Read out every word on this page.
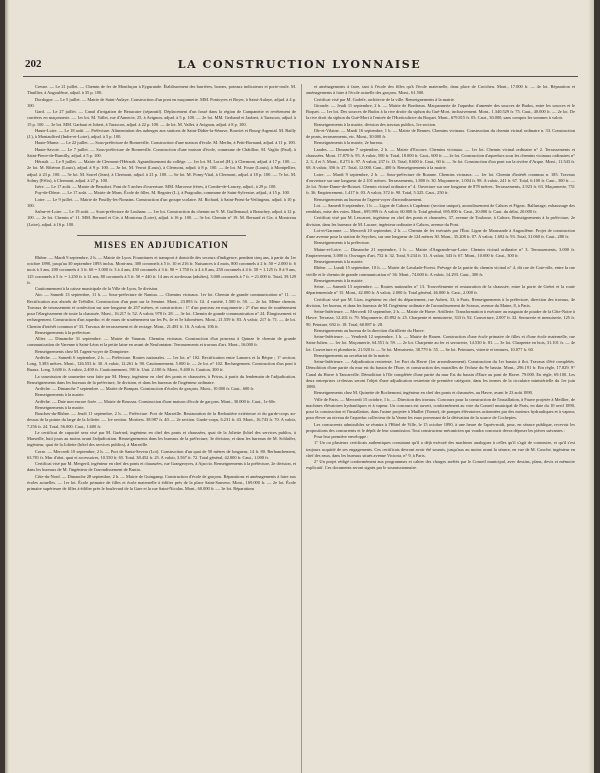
202	LA CONSTRUCTION LYONNAISE

Creuse. — Le 21 juillet. — Chemin de fer de Montluçon à Eygurande. Établissement des barrières, bornes, poteaux indicateurs et porte-roule. M. Thuillier, à Angoulême, adjud. à 35 p. 100.

Dordogne. — Le 5 juillet. — Mairie de Saint-Aulaye. Construction d'un pont en maçonnerie. MM. Pontoyres et Boyer, à Saint-Aulaye, adjud. à 4 p. 100.

Gard. — Le 27 juillet. — Canal d'irrigation de Beaucaire (séparatif). Déplacement d'un fossé dans la région de Campanette et revêtement de carrières en maçonnerie. — 1er lot. M. Vallet, rue d'Annecie, 25, à Avignon, adjud. à 5 p. 100. — 2e lot. MM. Gerband et Jaubert, à Tarascon, adjud. à 15 p. 100. — 3e lot. MM. Garbaut et Jubert, à Tarascon, adjud. à 22 p. 100. — 4e lot. M. Vallet, à Avignon, adjud. à 8 p. 100.

Haute-Loire. — Le 18 août. — Préfecture. Alimentation des auberges aux stations de Saint-Didier-la-Séauve, Bouviet et Bourg-Argental. M. Bailly (J.), à Montaulfred (Indre-et-Loire), adjud. à 5 p. 100.

Haute-Marne. — Le 22 juillet. — Sous-préfecture de Bonneville. Construction d'une maison d'école. M. Merlin, à Petit-Bornand, adjud. à 11 p. 100.

Haute-Savoie. — Le 7 juillet. — Sous-préfecture de Bonneville. Construction d'une maison d'école, commune de Châtillon. M. Vaglio (Paul), à Saint-Pierre-de-Rumilly, adjud. à 5 p. 100.

Hérault. — Le 9 juillet. — Mairie de Clermont-l'Hérault. Agrandissement du collège. — 1er lot. M. Lorrel (H.), à Clermont, adjud. à 17 p. 100. — 2e lot. M. Ribéron (Louis), adjud. à 9 p. 100. — 3e lot. M. Verrot (Louis), à Clermont, adjud. à 8 p. 100. — 4e lot. M. Foure (Louis), à Montpellier, adjud. à 23 p. 100. — 5e lot. M. Sorrel (Jean), à Clermont, adjud. à 21 p. 100. — 6e lot. M. Pomy-Vital, à Clermont, adjud. à 18 p. 100. — 7e lot. M. Solmy (Félix), à Clermont, adjud. à 27 p. 100.

Isère. — Le 17 août. — Mairie de Beaufort. Pont de 5 arches d'ouverture. MM. Marcesse frères, à Combe-de-Lancey, adjud., à 29 p. 100.

Puy-de-Dôme. — Le 17 août. — Mairie de Mons. École de filles. M. Regnier (L.), à Pragoulin, commune de Saint-Sylvestre, adjud., à 15 p. 100.

Loire. — Le 9 juillet. — Mairie de Pouilly-les-Nonains. Construction d'un groupe scolaire. M. Richard, à Saint-Priest-la-Vetlingeau, adjud. à 10 p. 100.

Saône-et-Loire. — Le 19 août. — Sous-préfecture de Louhans. — 1er lot. Construction du chemin no 9. M. Guillemaud, à Branchey, adjud. à 12 p. 100. — 2e lot. Chemin n° 11. MM. Bernard et Cie, à Montceau (Loire), adjud. à 16 p. 100. — 3e lot. Chemin n° 19. M. Bernard et Cie, à Montceau (Loire), adjud. à 16 p. 100.

MISES EN ADJUDICATION

Rhône. — Mardi 9 septembre, 2 h. — Mairie de Lyon. Fournitures et transport à domicile des secours d'indigence, pendant cinq ans, à partir du 1er octobre 1890, jusqu'au 30 septembre 1893 inclus. Mont-ans, 300 coronnels à 5 fr. 10 et 216 fr. Nuisances à 4 mois, 800 coronnels à 2 fr. 50 = 2.000 fr. 6 mois à 3 ans, 200 coronnels à 3 fr. 60 = 3.000 fr. 3 à 4 ans, 450 coronnels à 3 fr. 90 = 1.750 fr. à 4 à 8 ans, 250 coronnels à 4 fr. 50 = 1.125 fr. 8 à 9 ans, 125 coronnels à 5 fr. = 1.250 fr. à 12 ans, 80 coronnels à 5 fr. 50 = 440 fr. 14 ans et au-dessus (adultes), 3.000 coronnels à 7 fr. = 21.000 fr. Total, 39.129 fr.

Cautionnement à la caisse municipale de la Ville de Lyon, 5e division.

Ain. — Samedi 13 septembre, 11 h. — Sous-préfecture de Nantua. — Chemins vicinaux. 1er lot. Chemin de grande communication n° 11. — Rectification aux abords de Trébillet. Construction d'un pont sur la Semine. Mont., 23.893 fr. Gl. 4 variété, 1.500 fr. 50. — 2e lot. Même chemin. Travaux de terrassement et confection sur une longueur de 257 mètres, et construction : 1° d'un ponceau en maçonnerie ; 2° d'un mur de soutènement pour l'élargissement de toute la chaussée. Mont., 16.217 fr. 52. A valoir, 978 fr. 28. — 3e lot. Chemin de grande communication n° 24. Élargissement et rechargement. Construction d'un aqueduc et de murs de soutènement sur les Ps, 4e et 5e kilomètres. Mont., 21.559 fr. 83. A valoir, 217 fr. 71. — 4e lot. Chemin d'intérêt commun n° 33. Travaux de terrassement et de rectage. Mont., 21.481 fr. 16. A valoir, 106 fr.

Renseignements à la préfecture.

Allier. — Dimanche 31 septembre. — Mairie de Vaumas. Chemins vicinaux. Construction d'un ponceau à Quinze le chemin de grande communication de Varenne à Saint-Léon et la petite laine en avant de Neufontaine. Terrassements et travaux d'art. Mont., 16.000 fr.

Renseignements chez M. l'agent-voyer de Dompierre.

Ardèche. — Samedi 6 septembre, 2 h. — Préfecture. Routes nationales. — 1er lot. n° 102. Rectification entre Lanuers et la Béqne ; 1° section. Long. 5.383 mètres. Mont., 126.553 fr. 30. A valoir, 12.261 fr. 90. Cautionnement, 5.000 fr. — 2e lot. n° 102. Rechargement. Construction d'un pont à Ruaux. Long. 5,600 fr. A valoir, 2.400 fr. Cautionnement, 190 fr. Unit. 2.100 fr. Mont., 9.400 fr. Caution, 300 fr.

La soumission de soumettre sera faite par M. Henry, ingénieur en chef des ponts et chaussées, à Privas, à partir du lendemain de l'adjudication. Renseignements dans les bureaux de la préfecture, 3e division, et dans les bureaux de l'ingénieur ordinaire.

Ardèche. — Dimanche 7 septembre. — Mairie de Bompas. Construction d'écoles de garçons. Mont., 10.000 fr. Caut., 600 fr.

Renseignements à la mairie.

Ardèche. — Date non encore fixée. — Mairie de Roussas. Construction d'une maison d'école de garçons. Mont., 30.000 fr. Caut., 1e 60e.

Renseignements à la mairie.

Bouches-du-Rhône. — Jeudi 11 septembre, 2 h. — Préfecture. Port de Marseille. Restauration de la Redoutière extérieure et du garde-corps au-dessus de la pointe du large de la Joliette. — 1re section. Mortiers. 38.987 fr. 40. — 2e section. Garde-corps, 6.231 fr. 43. Mont., 16.743 fr. 70. A valoir, 7.256 fr. 24. Total, 56.000. Caut., 1.600 fr.

Le certificat de capacité sera visé par M. Guérard, ingénieur en chef des ponts et chaussées, quai de la Joliette (hôtel des services publics, à Marseille, huit jours au moins avant l'adjudication. Renseignements dans les bureaux de la préfecture, 3e division, et dans les bureaux de M. Schlaffer, ingénieur, quai de la Joliette (hôtel des services publics), à Marseille.

Corse. — Mercredi 10 septembre, 2 h. — Port de Santa-Severa (Lot). Construction d'un quai de 50 mètres de longueur, 14 fr. 80. Rerhanchement, 63.781 fr. Mur d'abri, quai et accessoires, 10.550 fr. 65. Total, 38.452 fr. 25. A valoir, 3.567 fr. 72. Total général, 42.000 fr. Caut., 1.000 fr.

Certificat visé par M. Mergeril, ingénieur en chef des ponts et chaussées, rue Grangeoyres, à Ajaccio. Renseignements à la préfecture, 2e division, et dans les bureaux de M. l'ingénieur de l'arrondissement de Bastia.

Côte-du-Nord. — Dimanche 28 septembre, 2 h. — Mairie de Guingamp. Construction d'école de garçons. Réparations et aménagements à faire aux écoles actuelles. — 1er lot. École primaire de filles et école maternelle à édifier près de la place Saint-Sauveur. Mont., 169.000 fr. — 2e lot. École primaire supérieure de filles à édifier près le boulevard de la Gare et la rue Saint-Nicolas. Mont., 60.000 fr. — 3e lot. Réparations

et aménagements à faire, tant à l'école des filles qu'à l'école maternelle, dans place de Croicheu. Mont., 17.000 fr. — 4e lot. Réparation et aménagements à faire à l'école actuelle des garçons. Mont., 61.500.

Certificat visé par M. Godefe, architecte de la ville. Renseignements à la mairie.

Gironde. — Jeudi 11 septembre, 2 h. — Mairie de Bordeaux. Macpannerie de l'aqueduc d'amenée des sources de Budos, entre les sources et le Boquet. — 1er lot. Des sources de Budos à la rive droite du siphon du Gué-Mort, inclusivement. Mont., 1.340.529 fr. 75. Caut., 40.000 fr. — 2e lot. De la rive droit du siphon du Gué-Mort à l'entrée de l'Horticultrice du Boquet. Mont., 679.815 fr. 03. Caut., 30.000, sans compris les sommes à valoir.

Renseignements à la mairie, division des travaux publics, 1re section.

Ille-et-Vilaine. — Mardi 16 septembre, 1 h. — Mairie de Rennes. Chemins vicinaux. Construction du chemin vicinal ordinaire n. 33. Construction de ponts, terrassements, etc. Mont., 30.000 fr.

Renseignements à la mairie, 2e bureau.

Landes. — Dimanche 7 septembre, 2 h. — Mairie d'Escorre. Chemins vicinaux. — 1er lot. Chemin vicinal ordinaire n° 2. Terrassements et chaussées. Mont. 17.870 fr. 95. A valoir, 500 fr. Total, 18.000 fr. Caut., 600 fr. — 2e lot. Construction d'aqueducs sous les chemins vicinaux ordinaires n° 2, 3, 4 et 5. Mont., 8.273 fr. 97. A valoir, 237 fr. 13. Total, 8.600 fr. Caut., 60 fr. — 3e lot. Construction d'un pont sur la rivière d'Arque. Mont., 11.543 fr. 68. A valoir, 356 fr. 27. Total, 12.000. Caut., 400 fr. Renseignements à la mairie.

Loire. — Mardi 9 septembre, 2 h. — Sous-préfecture de Roanne. Chemins vicinaux. — 1er lot. Chemin d'intérêt commun n. 185. Travaux d'ouverture sur une longueur de 2.101 mètres. Terrassements, 1.800 fr. 30. Maçonnerie, 1.004 fr. 98. A valoir, 241 fr. 67. Total, 6.100 fr. Caut., 300 fr. — 2e lot. Notre-Dame-de-Boisset. Chemin vicinal ordinaire n° 4. Ouverture sur une longueur de 878 mètres. Terrassements, 2.923 fr. 63. Maçonnerie, 751 fr. 36. Empierrement, 1.417 fr. 03. A valoir, 372 fr. 90. Total, 5.325. Caut., 250 fr.

Renseignements au bureau de l'agent-voyer d'arrondissement.

Lot. — Samedi 6 septembre, 1 h. — Ligne de Cahors à Capdenac (section unique), arrondissement de Cahors et Figeac. Ballastage, exhaussage des remblais, mise des voies. Mont., 695.999 fr. A valoir, 60.000 fr. Total général, 695.000 fr. Caut., 20.000 fr. Caut. du délai, 20.000 fr.

Certificat visé par M. Lescarret, ingénieur en chef des ponts et chaussées, 37, avenue de Toulouse, à Cahors. Renseignements à la préfecture, 2e division, dans les bureaux de M. Lacaze, ingénieur ordinaire à Cahors, avenue du Pont.

Lot-et-Garonne. — Mercredi 10 septembre, 2 h. — Chemin de fer exécutés par l'État. Ligne de Marmande à Angoulême. Projet de construction d'une avenue pour la station de Seyches, sur une longueur de 124 mètres 30. Mont., 35.208 fr. 07. A valoir, 1.692 fr. 93. Total, 31.060 fr. Caut., 280 fr.

Renseignements à la préfecture.

Maine-et-Loire. — Dimanche 21 septembre, 1 h. — Mairie d'Angrande-sur-Loire. Chemin vicinal ordinaire n° 3. Terrassements, 3.000 fr. Empierrement, 3.000 fr. Ouvrages d'art, 752 fr. 32. Total, 9.234 fr. 31. A valoir, 343 fr. 67. Mont., 10.000 fr. Caut., 300 fr.

Renseignements à la mairie.

Rhône. — Lundi 15 septembre, 10 h. — Mairie de Lavalade-Forest. Prévage de la partie du chemin vicinal n° 4, dit rue de Cote-rôle, entre la rue vieille et le chemin de grande communication n° 36. Mont., 74.600 fr. A valoir, 14.293. Caut., 300 fr.

Renseignements à la mairie.

Seine. — Samedi 13 septembre. — Routes nationales n° 13. Trouvelemente et restauration de la chaussée, entre la porte de Grétei et la route départementale n° 15. Mont., 42.000 fr. A valoir, 2.000 fr. Total général, 46.000 fr. Caut., 2.000 fr.

Certificat visé par M. Lion, ingénieur en chef du département, rue Aubert, 33, à Paris. Renseignements à la préfecture, direction des travaux, 4e division, 1er bureau, et dans les bureaux de M. l'ingénieur ordinaire de l'arrondissement de Sceaux, avenue du Maine, 8, à Paris.

Seine-Inférieure. — Mercredi 10 septembre, 2 h. — Mairie de Havre. Artillerie. Transformation à exécuter au magasin de poudre de la Côte-Noire à Havre. Terrasse, 12.201 fr. 79. Maçonnerie, 45.892 fr. 25. Charpente et menuiserie, 333 fr. 92. Couverture, 2.007 fr. 32. Serrurerie et menuiserie, 125 fr. 90. Peinture, 692 fr. 18. Total, 60.887 fr. 28.

Renseignements au bureau de la direction d'artillerie du Havre.

Seine-Inférieure. — Vendredi 12 septembre, 1 h. — Mairie de Rouen. Construction d'une école primaire de filles et d'une école maternelle, rue Saint-Julien. — 1er lot. Maçonnerie, 64.551 fr. 59. — 2e lot. Charpente au fer et serrurerie, 14.530 fr. 81. — 3e lot. Charpente en bois, 31.101 fr. — 4e lot. Couverture et plomberie, 21.920 fr. — 5e lot. Menuiserie, 38.779 fr. 55. — 6e lot. Peintures, vitrerie et tentures, 10.077 fr. 60.

Renseignements au secrétariat de la mairie.

Seine-Inférieure. — Adjudication restreinte. 1er Port du Havre (1er arrondissement). Construction du 1er bassin à flot. Travaux d'été complétés. Démolition d'une partie du mur est du bassin de l'Eure, et construction des murailles de l'écluse du 9e bassin. Mont., 296.191 fr. Ein règle, 17.829. 9° Canal du Havre à Tancarville. Démolition à l'île complétée d'une partie du mur Est du bassin d'Eure au pont de Havre. 79.000. En règle, 69.100. Les deux entreprises ci-dessus seront l'objet d'une adjudication restreinte de première catégorie, dans les termes de la circulaire ministérielle du 1er juin 1880.

Renseignements chez M. Quinette de Rochemont, ingénieur en chef des ponts et chaussées, au Havre, avant le 23 août 1890.

Ville de Paris. — Mercredi 15 octobre, 1 h. — Direction des travaux. Concours pour la construction de l'installation, à Fauve projetée à Meillier, de machines élévatoires hydrauliques et à vapeur. Un concours est ouvert, conformément au vote du Conseil municipal de Paris, en date du 10 avril 1890, pour la construction et l'installation, dans l'usine projetée à Maillet (Yonne), de pompes élévatoires actionnées par des moteurs hydrauliques et à vapeur, pour élever au niveau de l'aqueduc collecteur de la Vanne les eaux provenant de la dérivation de la source de Cochepies.

Les concurrents admissibles se réunira à l'Hôtel de Ville, le 15 octobre 1890, à une heure de l'après-midi, pour, en séance publique, recevoir les propositions des concurrents et le dépôt de leur soumission. Tout constructeur mécanicien qui voudra concourir devra déposer les pièces suivantes :

Pour leur première enveloppe :

1° Un ou plusieurs certificats authentiques constatant qu'il a déjà exécuté des machines analogues à celles qu'il s'agit de construire, et qu'il s'est toujours acquitté de ses engagements. Ces certificats devront avoir été soumis, jusqu'aux au moins avant la séance, en vue de M. Couche, ingénieur en chef des eaux, dans les bureaux situés avenue Victoria, n° 9, à Paris.

2° Un projet rédigé conformément aux programmes et cahier des charges arrêtés par le Conseil municipal, avec dessins, plans, devis et mémoire explicatif. Ces documents seront signés par le soumissionnaire.
